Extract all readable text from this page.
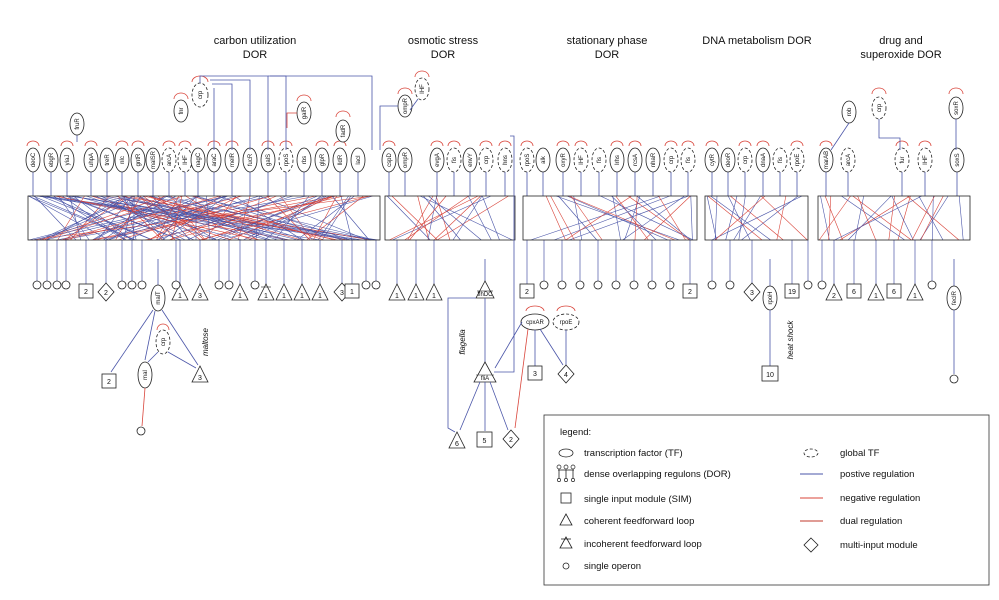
carbon utilization
DOR
osmotic stress
DOR
stationary phase
DOR
DNA metabolism DOR	drug and
superoxide DOR
deoC ebgR yiaJ	uhpA treR nlc gntR malSR arcA IHF nagC araC melR fucR galS rpoS rbs glpR lldR lacI
2 2	1 3	1	1 1 1 1	3 1
cspD ompR	evgA fis envY crp hns
1 1 1
rpoS alk oxyR IHF fis lrhs rcsA nhaR crp fis
2	2
cytR deoR crp dnaA fis rpoE
3	19
marAB	arcA	fur	IHF	soxS
2
6
1
6
1
fruR
fnr
crp
galR
fadR
ompR
IHF
rob	crp	soxR
malT
crp
2
mal	3
maltose
flhDC
fliA
6	5	2
flagella
cpxAR	rpoE
3	4
rpoH
10
heat shock
fecIR
legend:
transcription factor (TF)
dense overlapping regulons (DOR)
single input module (SIM)
coherent feedforward loop
incoherent feedforward loop
single operon
global TF
postive regulation
negative regulation
dual regulation
multi-input module
